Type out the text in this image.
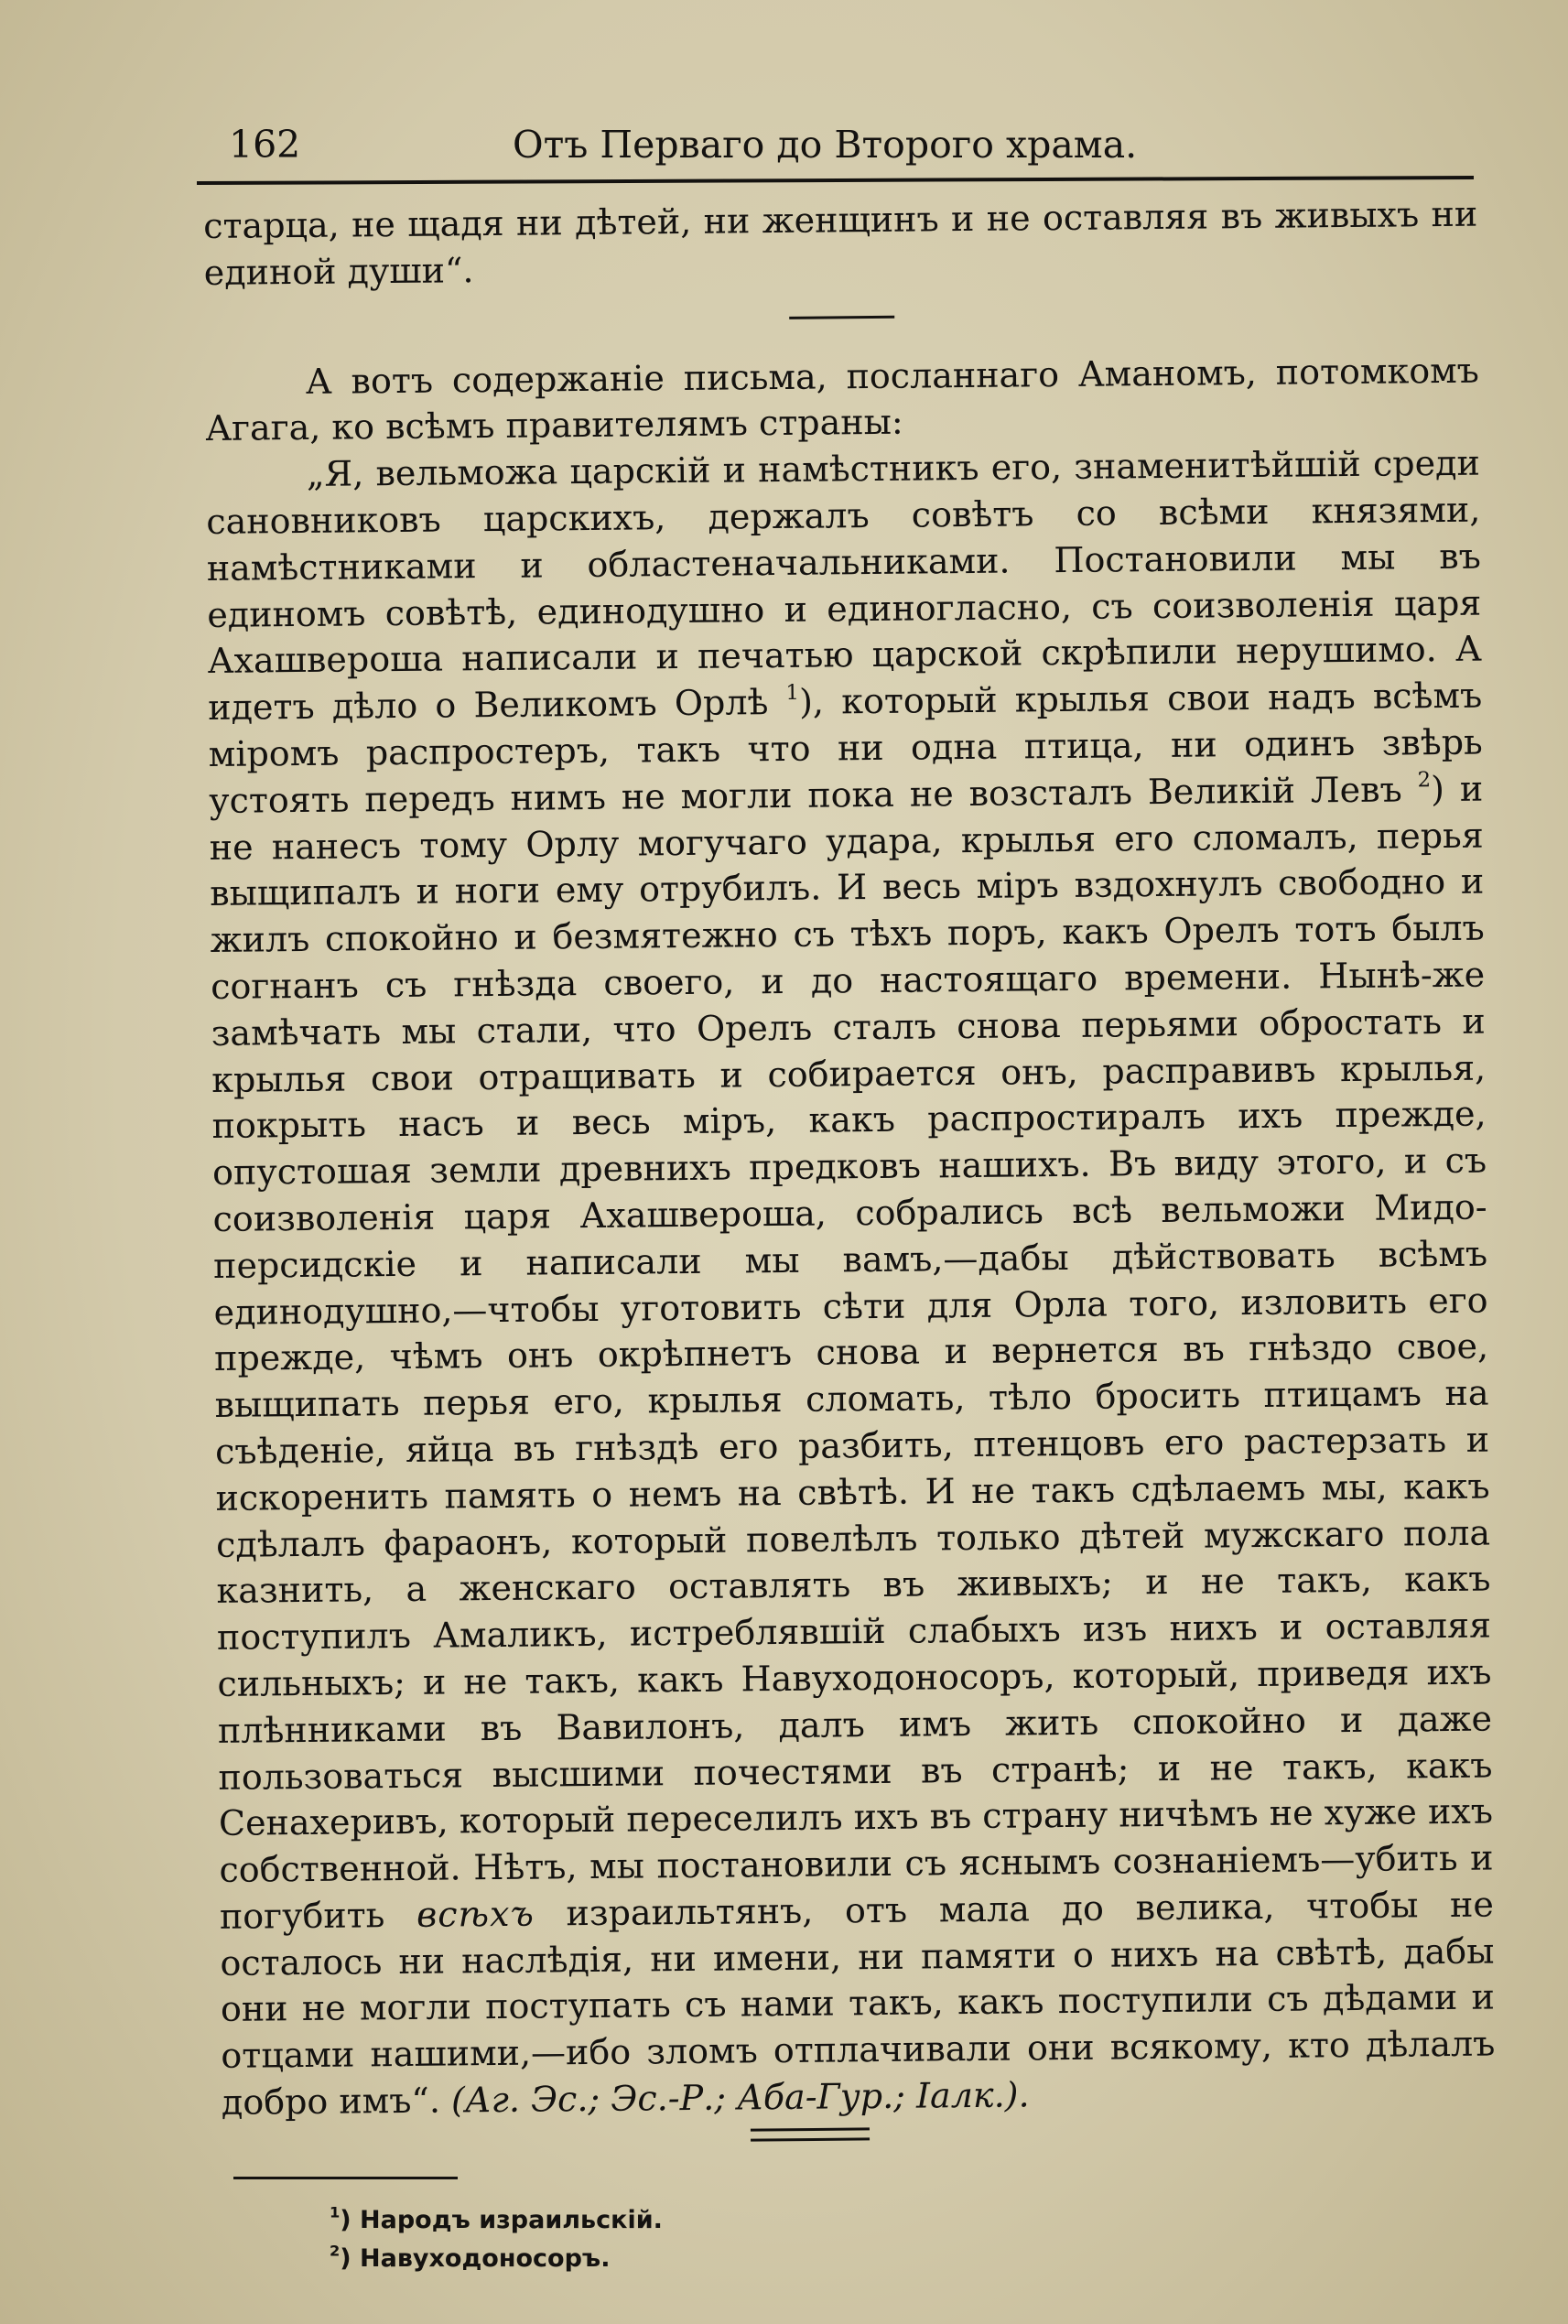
162	Отъ Перваго до Второго храма.

старца, не щадя ни дѣтей, ни женщинъ и не оставляя въ живыхъ ни единой души“.

А вотъ содержанiе письма, посланнаго Аманомъ, потомкомъ Агага, ко всѣмъ правителямъ страны:

„Я, вельможа царскiй и намѣстникъ его, знаменитѣйшiй среди сановниковъ царскихъ, держалъ совѣтъ со всѣми князями, намѣстниками и областеначальниками. Постановили мы въ единомъ совѣтѣ, единодушно и единогласно, съ соизволенiя царя Ахашвероша написали и печатью царской скрѣпили нерушимо. А идетъ дѣло о Великомъ Орлѣ $^1$), который крылья свои надъ всѣмъ мiромъ распростеръ, такъ что ни одна птица, ни одинъ звѣрь устоять передъ нимъ не могли пока не возсталъ Великiй Левъ $^2$) и не нанесъ тому Орлу могучаго удара, крылья его сломалъ, перья выщипалъ и ноги ему отрубилъ. И весь мiръ вздохнулъ свободно и жилъ спокойно и безмятежно съ тѣхъ поръ, какъ Орелъ тотъ былъ согнанъ съ гнѣзда своего, и до настоящаго времени. Нынѣ-же замѣчать мы стали, что Орелъ сталъ снова перьями обростать и крылья свои отращивать и собирается онъ, расправивъ крылья, покрыть насъ и весь мiръ, какъ распростиралъ ихъ прежде, опустошая земли древнихъ предковъ нашихъ. Въ виду этого, и съ соизволенiя царя Ахашвероша, собрались всѣ вельможи Мидо-персидскiе и написали мы вамъ,—дабы дѣйствовать всѣмъ единодушно,—чтобы уготовить сѣти для Орла того, изловить его прежде, чѣмъ онъ окрѣпнетъ снова и вернется въ гнѣздо свое, выщипать перья его, крылья сломать, тѣло бросить птицамъ на съѣденiе, яйца въ гнѣздѣ его разбить, птенцовъ его растерзать и искоренить память о немъ на свѣтѣ. И не такъ сдѣлаемъ мы, какъ сдѣлалъ фараонъ, который повелѣлъ только дѣтей мужскаго пола казнить, а женскаго оставлять въ живыхъ; и не такъ, какъ поступилъ Амаликъ, истреблявшiй слабыхъ изъ нихъ и оставляя сильныхъ; и не такъ, какъ Навуходоносоръ, который, приведя ихъ плѣнниками въ Вавилонъ, далъ имъ жить спокойно и даже пользоваться высшими почестями въ странѣ; и не такъ, какъ Сенахеривъ, который переселилъ ихъ въ страну ничѣмъ не хуже ихъ собственной. Нѣтъ, мы постановили съ яснымъ сознанiемъ—убить и погубить всѣхъ израильтянъ, отъ мала до велика, чтобы не осталось ни наслѣдiя, ни имени, ни памяти о нихъ на свѣтѣ, дабы они не могли поступать съ нами такъ, какъ поступили съ дѣдами и отцами нашими,—ибо зломъ отплачивали они всякому, кто дѣлалъ добро имъ“. (Аг. Эс.; Эс.-Р.; Аба-Гур.; Iалк.).

$^1$) Народъ израильскiй.
$^2$) Навуходоносоръ.
